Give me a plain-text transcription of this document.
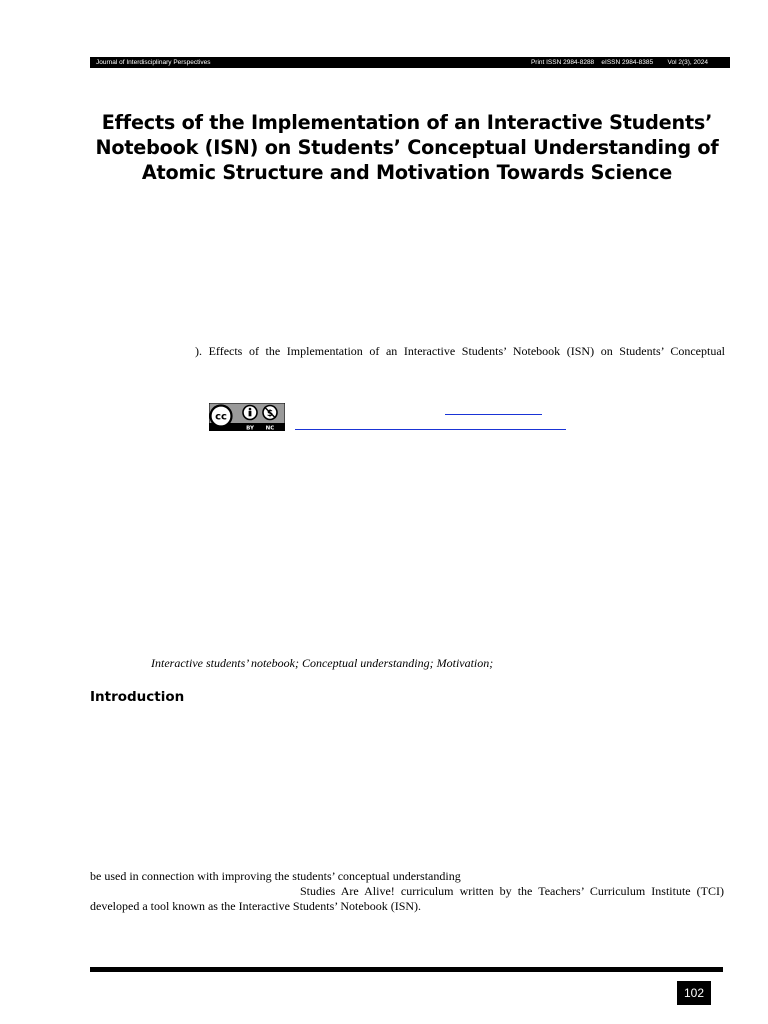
Journal of Interdisciplinary Perspectives	Print ISSN 2984-8288    eISSN 2984-8385        Vol 2(3), 2024
Effects of the Implementation of an Interactive Students’
Notebook (ISN) on Students’ Conceptual Understanding of
Atomic Structure and Motivation Towards Science
). Effects of the Implementation of an Interactive Students’ Notebook (ISN) on Students’ Conceptual
cc	$
BY NC
Interactive students’ notebook; Conceptual understanding; Motivation;
Introduction
be used in connection with improving the students’ conceptual understanding
Studies Are Alive! curriculum written by the Teachers’ Curriculum Institute (TCI)
developed a tool known as the Interactive Students’ Notebook (ISN).
102
